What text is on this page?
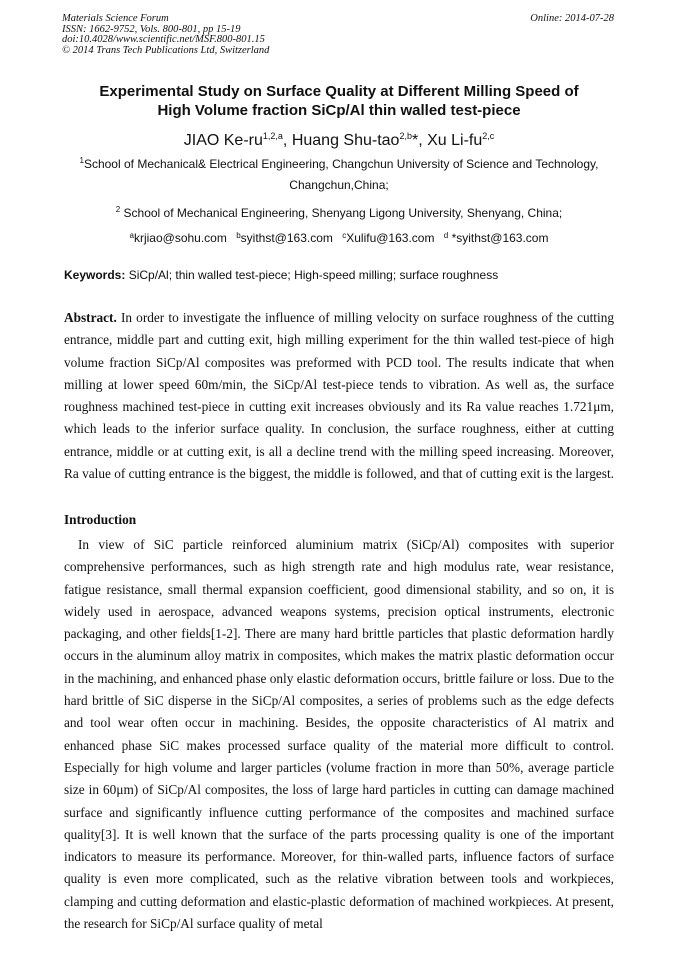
Materials Science Forum
ISSN: 1662-9752, Vols. 800-801, pp 15-19
doi:10.4028/www.scientific.net/MSF.800-801.15
© 2014 Trans Tech Publications Ltd, Switzerland
Online: 2014-07-28
Experimental Study on Surface Quality at Different Milling Speed of
High Volume fraction SiCp/Al thin walled test-piece
JIAO Ke-ru$^{1,2,a}$, Huang Shu-tao$^{2,b}$*, Xu Li-fu$^{2,c}$
$^1$School of Mechanical& Electrical Engineering, Changchun University of Science and Technology, Changchun,China;
$^2$ School of Mechanical Engineering, Shenyang Ligong University, Shenyang, China;
$^a$krjiao@sohu.com $^b$syithst@163.com $^c$Xulifu@163.com $^d$ *syithst@163.com
Keywords: SiCp/Al; thin walled test-piece; High-speed milling; surface roughness
Abstract. In order to investigate the influence of milling velocity on surface roughness of the cutting entrance, middle part and cutting exit, high milling experiment for the thin walled test-piece of high volume fraction SiCp/Al composites was preformed with PCD tool. The results indicate that when milling at lower speed 60m/min, the SiCp/Al test-piece tends to vibration. As well as, the surface roughness machined test-piece in cutting exit increases obviously and its Ra value reaches 1.721μm, which leads to the inferior surface quality. In conclusion, the surface roughness, either at cutting entrance, middle or at cutting exit, is all a decline trend with the milling speed increasing. Moreover, Ra value of cutting entrance is the biggest, the middle is followed, and that of cutting exit is the largest.
Introduction
In view of SiC particle reinforced aluminium matrix (SiCp/Al) composites with superior comprehensive performances, such as high strength rate and high modulus rate, wear resistance, fatigue resistance, small thermal expansion coefficient, good dimensional stability, and so on, it is widely used in aerospace, advanced weapons systems, precision optical instruments, electronic packaging, and other fields[1-2]. There are many hard brittle particles that plastic deformation hardly occurs in the aluminum alloy matrix in composites, which makes the matrix plastic deformation occur in the machining, and enhanced phase only elastic deformation occurs, brittle failure or loss. Due to the hard brittle of SiC disperse in the SiCp/Al composites, a series of problems such as the edge defects and tool wear often occur in machining. Besides, the opposite characteristics of Al matrix and enhanced phase SiC makes processed surface quality of the material more difficult to control. Especially for high volume and larger particles (volume fraction in more than 50%, average particle size in 60μm) of SiCp/Al composites, the loss of large hard particles in cutting can damage machined surface and significantly influence cutting performance of the composites and machined surface quality[3]. It is well known that the surface of the parts processing quality is one of the important indicators to measure its performance. Moreover, for thin-walled parts, influence factors of surface quality is even more complicated, such as the relative vibration between tools and workpieces, clamping and cutting deformation and elastic-plastic deformation of machined workpieces. At present, the research for SiCp/Al surface quality of metal
